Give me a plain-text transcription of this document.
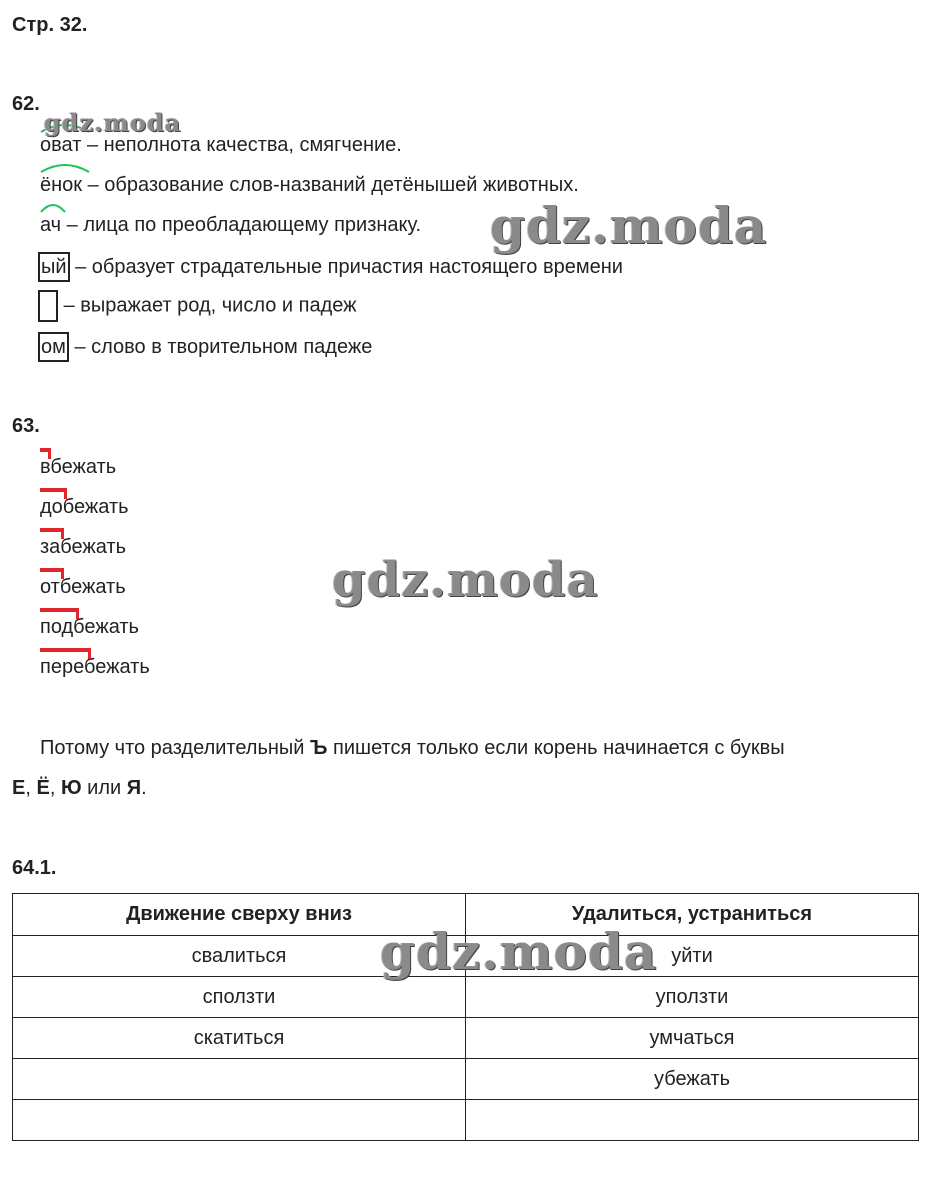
Стр. 32.
62.
оват – неполнота качества, смягчение.
ёнок – образование слов-названий детёнышей животных.
ач – лица по преобладающему признаку.
ый – образует страдательные причастия настоящего времени
– выражает род, число и падеж
ом – слово в творительном падеже
63.
вбежать
добежать
забежать
отбежать
подбежать
перебежать
Потому что разделительный Ъ пишется только если корень начинается с буквы
Е, Ё, Ю или Я.
64.1.
Движение сверху вниз	Удалиться, устраниться
свалиться	уйти
сползти	уползти
скатиться	умчаться
	убежать

gdz.moda
gdz.moda
gdz.moda
gdz.moda
